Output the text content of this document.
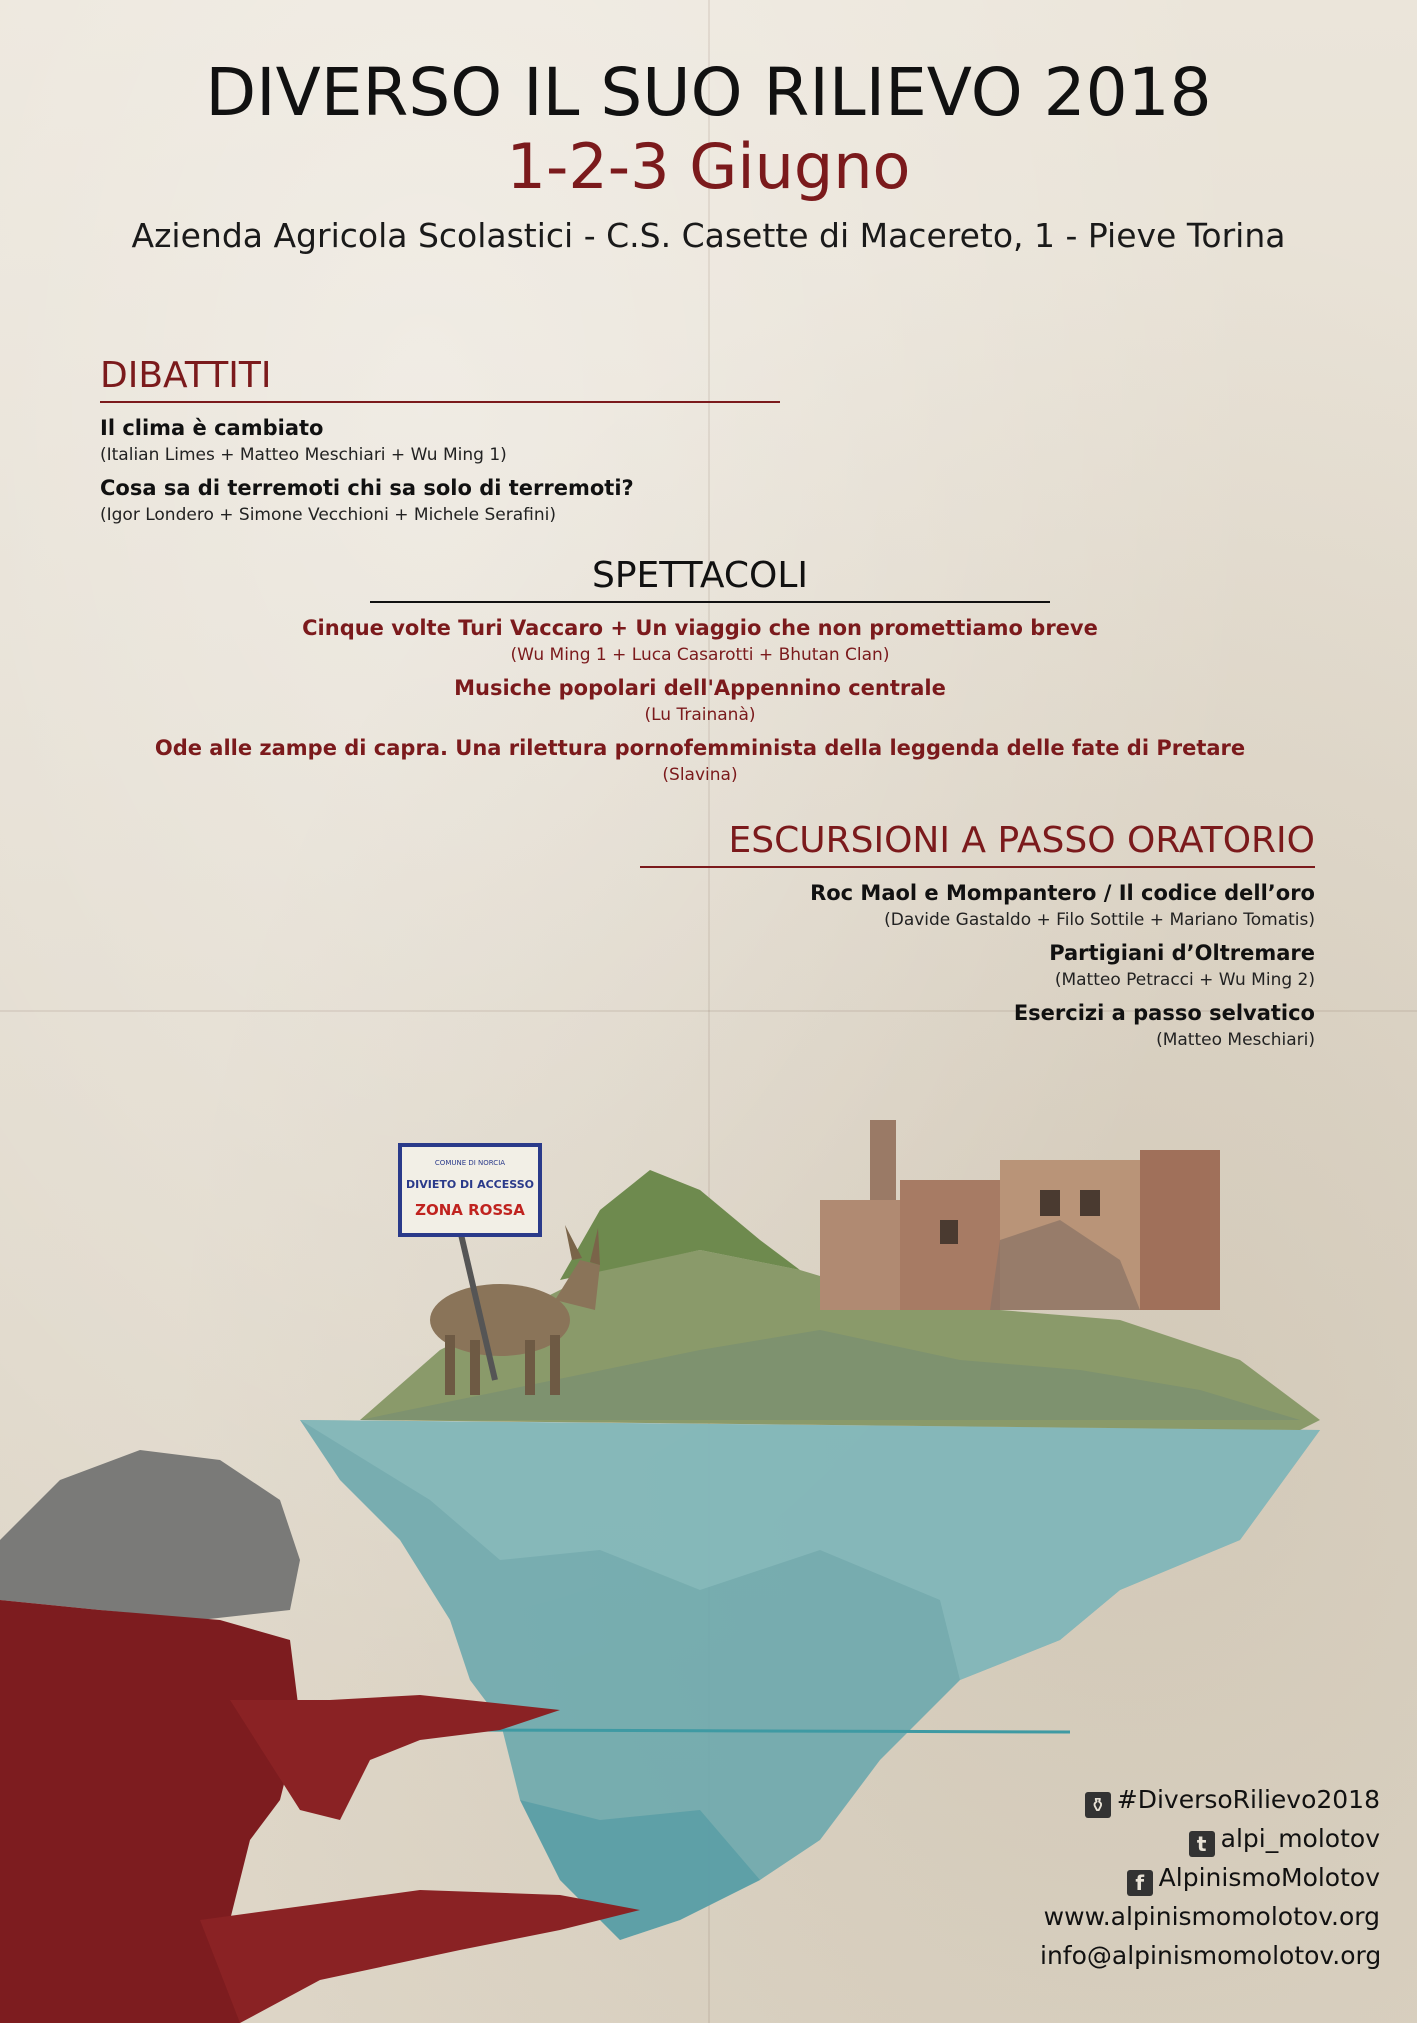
DIVERSO IL SUO RILIEVO 2018
1-2-3 Giugno
Azienda Agricola Scolastici - C.S. Casette di Macereto, 1 - Pieve Torina
DIBATTITI
Il clima è cambiato
(Italian Limes + Matteo Meschiari + Wu Ming 1)
Cosa sa di terremoti chi sa solo di terremoti?
(Igor Londero + Simone Vecchioni + Michele Serafini)
SPETTACOLI
Cinque volte Turi Vaccaro + Un viaggio che non promettiamo breve
(Wu Ming 1 + Luca Casarotti + Bhutan Clan)
Musiche popolari dell'Appennino centrale
(Lu Trainanà)
Ode alle zampe di capra. Una rilettura pornofemminista della leggenda delle fate di Pretare
(Slavina)
ESCURSIONI A PASSO ORATORIO
Roc Maol e Mompantero / Il codice dell’oro
(Davide Gastaldo + Filo Sottile + Mariano Tomatis)
Partigiani d’Oltremare
(Matteo Petracci + Wu Ming 2)
Esercizi a passo selvatico
(Matteo Meschiari)
COMUNE DI NORCIA
DIVIETO DI ACCESSO
ZONA ROSSA
⚱ #DiversoRilievo2018
t alpi_molotov
f AlpinismoMolotov
www.alpinismomolotov.org
info@alpinismomolotov.org
